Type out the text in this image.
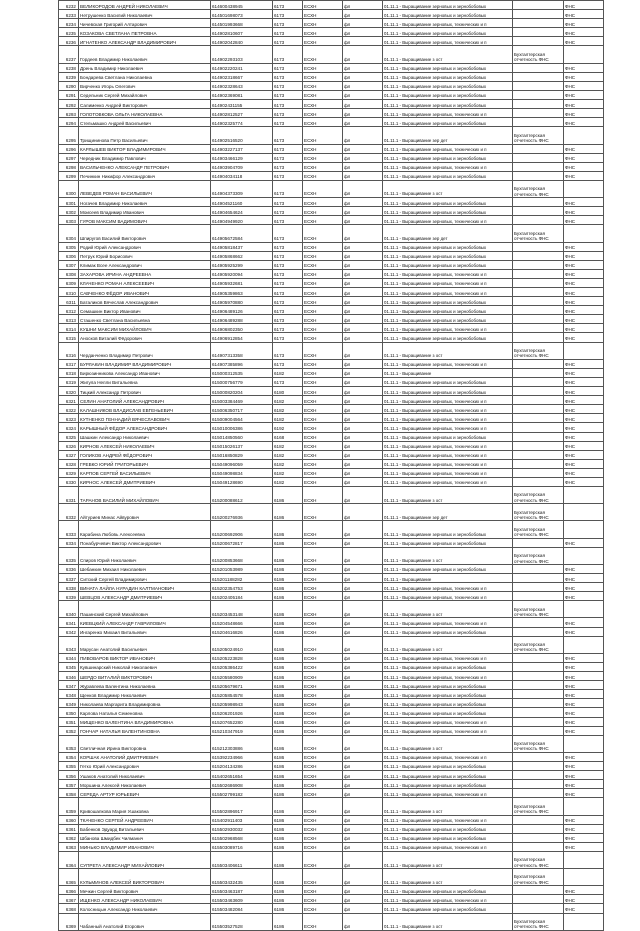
6232	ВЕЛИКОРОДОВ АНДРЕЙ НИКОЛАЕВИЧ	614600438945	6173	ЕСХН	фл	01.11.1 - Выращивание зерновых и зернобобовых		ФНС
6233	Нетрушенко Василий Николаевич	614501698073	6173	ЕСХН	фл	01.11.1 - Выращивание зерновых и зернобобовых		ФНС
6234	Чичевская Григорий Алтарович	614501993668	6173	ЕСХН	фл	01.11.1 - Выращивание зерновых, технических и п		ФНС
6235	КОЗАКОВА СВЕТЛАНА ПЕТРОВНА	614902810607	6173	ЕСХН	фл	01.11.1 - Выращивание зерновых и зернобобовых		ФНС
6236	ИГНАТЕНКО АЛЕКСАНДР ВЛАДИМИРОВИЧ	614902042840	6173	ЕСХН	фл	01.11.1 - Выращивание зерновых, технических и п		ФНС
6237	Гордеев Владимир Николаевич	614902293103	6173	ЕСХН	фл	01.11.1 - Выращивание з ост	Бухгалтерская отчетность ФНС	
6238	Дрень Владимир Николаевич	614902220241	6173	ЕСХН	фл	01.11.1 - Выращивание зерновых и зернобобовых		ФНС
6239	Бондарева Светлана Николаевна	614902318667	6173	ЕСХН	фл	01.11.1 - Выращивание зерновых и зернобобовых		ФНС
6290	Вирченко Игорь Олегович	614902328643	6173	ЕСХН	фл	01.11.1 - Выращивание зерновых и зернобобовых		ФНС
6291	Седельник Сергей Михайлович	614902369081	6173	ЕСХН	фл	01.11.1 - Выращивание зерновых и зернобобовых		ФНС
6292	Салименко Андрей Викторович	614902431155	6173	ЕСХН	фл	01.11.1 - Выращивание зерновых и зернобобовых		ФНС
6293	ГОЛОТОВКОВА ОЛЬГА НИКОЛАЕВНА	614902812527	6173	ЕСХН	фл	01.11.1 - Выращивание зерновых, технических и п		ФНС
6294	Стельмашко Андрей Васильевич	614902325774	6173	ЕСХН	фл	01.11.1 - Выращивание зерновых и зернобобовых		ФНС
6295	Трищининова Петр Васильевич	614902516520	6173	ЕСХН	фл	01.11.1 - Выращивание зер дет	Бухгалтерская отчетность ФНС	
6296	КАРЛЫШЕВ ВИКТОР ВЛАДИМИРОВИЧ	614903227137	6173	ЕСХН	фл	01.11.1 - Выращивание зерновых, технических и п		ФНС
6297	Чередник Владимир Павлович	614903466129	6173	ЕСХН	фл	01.11.1 - Выращивание зерновых и зернобобовых		ФНС
6298	ВАСИЛЬЧЕНКО АЛЕКСАНДР ПЕТРОВИЧ	614903904709	6173	ЕСХН	фл	01.11.1 - Выращивание зерновых, технических и п		ФНС
6299	Печинкин Никифор Александрович	614904034118	6173	ЕСХН	фл	01.11.1 - Выращивание зерновых и зернобобовых		ФНС
6300	ЛЕВЕДЕВ РОМАН ВАСИЛЬЕВИЧ	614904373309	6173	ЕСХН	фл	01.11.1 - Выращивание з ост	Бухгалтерская отчетность ФНС	
6301	Ногачев Владимир Николаевич	614904521160	6173	ЕСХН	фл	01.11.1 - Выращивание зерновых и зернобобовых		ФНС
6302	Моисеев Владимир Иванович	614904654624	6173	ЕСХН	фл	01.11.1 - Выращивание зерновых и зернобобовых		ФНС
6303	ГУРОВ МАКСИМ ВАДИМОВИЧ	614904949920	6173	ЕСХН	фл	01.11.1 - Выращивание зерновых, технических и п		ФНС
6304	Шпиругов Василий Викторович	614905672584	6173	ЕСХН	фл	01.11.1 - Выращивание зер дет	Бухгалтерская отчетность ФНС	
6305	Родий Юрий Александрович	614905818437	6173	ЕСХН	фл	01.11.1 - Выращивание зерновых и зернобобовых		ФНС
6306	Петрук Юрий Борисович	614905868662	6173	ЕСХН	фл	01.11.1 - Выращивание зерновых и зернобобовых		ФНС
6307	Климак Всее Александрович	614905925299	6173	ЕСХН	фл	01.11.1 - Выращивание зерновых и зернобобовых		ФНС
6308	ЗАХАРОВА ИРИНА АНДРЕЕВНА	614905920094	6173	ЕСХН	фл	01.11.1 - Выращивание зерновых, технических и п		ФНС
6309	КЛАЧЕНКО РОМАН АЛЕКСЕЕВИЧ	614905932681	6173	ЕСХН	фл	01.11.1 - Выращивание зерновых, технических и п		ФНС
6310	САВЧЕНКО ФЁДОР ИВАНОВИЧ	614905359863	6173	ЕСХН	фл	01.11.1 - Выращивание зерновых, технических и п		ФНС
6311	Баталиков Вячеслав Александрович	614905970880	6173	ЕСХН	фл	01.11.1 - Выращивание зерновых и зернобобовых		ФНС
6312	Семашкин Виктор Иванович	614906489126	6173	ЕСХН	фл	01.11.1 - Выращивание зерновых и зернобобовых		ФНС
6313	Сташенко Светлана Васильевна	614906489288	6173	ЕСХН	фл	01.11.1 - Выращивание зерновых и зернобобовых		ФНС
6314	КУШНИ МАКСИМ МИХАЙЛОВИЧ	614906802350	6173	ЕСХН	фл	01.11.1 - Выращивание зерновых, технических и п		ФНС
6315	Аносков Виталий Фёдорович	614906912854	6173	ЕСХН	фл	01.11.1 - Выращивание зерновых и зернобобовых		ФНС
6316	Черданченко Владимир Петрович	614907313358	6173	ЕСХН	фл	01.11.1 - Выращивание з ост	Бухгалтерская отчетность ФНС	
6317	БУРЛАКИН ВЛАДИМИР ВЛАДИМИРОВИЧ	614907385896	6173	ЕСХН	фл	01.11.1 - Выращивание зерновых, технических и п		ФНС
6318	Бирюзинникова Александр Иванович	615000312535	6182	ЕСХН	фл	01.11.1 - Выращивание		ФНС
6319	Жигула Нелли Витальевна	615000756779	6173	ЕСХН	фл	01.11.1 - Выращивание зерновых и зернобобовых		ФНС
6320	Тицкий Александр Петрович	615000820204	6180	ЕСХН	фл	01.11.1 - Выращивание зерновых и зернобобовых		ФНС
6321	СЕЛИН АНАТОЛИЙ АЛЕКСАНДРОВИЧ	615003384469	6182	ЕСХН	фл	01.11.1 - Выращивание зерновых, технических и п		ФНС
6322	КАЛАШНИКОВ ВЛАДИСЛАВ ЕВГЕНЬЕВИЧ	615006350717	6182	ЕСХН	фл	01.11.1 - Выращивание зерновых, технических и п		ФНС
6323	КУТНЕНКО ГЕННАДИЙ ВЯЧЕСЛАВОВИЧ	615009004564	6182	ЕСХН	фл	01.11.1 - Выращивание зерновых, технических и п		ФНС
6324	КАРЫШНЫЙ ФЁДОР АЛЕКСАНДРОВИЧ	615010006386	6192	ЕСХН	фл	01.11.1 - Выращивание зерновых, технических и п		ФНС
6325	Шашкин Александр Николаевич	615014850560	6168	ЕСХН	фл	01.11.1 - Выращивание зерновых и зернобобовых		ФНС
6326	КИРНОВ АЛЕКСЕЙ НИКОЛАЕВИЧ	615015026137	6182	ЕСХН	фл	01.11.1 - Выращивание зерновых, технических и п		ФНС
6327	ГОЛИКОВ АНДРЕЙ ФЁДОРОВИЧ	615016850829	6182	ЕСХН	фл	01.11.1 - Выращивание зерновых, технических и п		ФНС
6328	ГРЕВКО ЮРИЙ ГРИГОРЬЕВИЧ	615049096059	6182	ЕСХН	фл	01.11.1 - Выращивание зерновых, технических и п		ФНС
6329	КАРПОВ СЕРГЕЙ ВАСИЛЬЕВИЧ	615049098834	6182	ЕСХН	фл	01.11.1 - Выращивание зерновых, технических и п		ФНС
6330	КИРНОС АЛЕКСЕЙ ДМИТРИЕВИЧ	615049128690	6182	ЕСХН	фл	01.11.1 - Выращивание зерновых, технических и п		ФНС
6331	ТАРАНОВ ВАСИЛИЙ МИХАЙЛОВИЧ	615200088612	6186	ЕСХН	фл	01.11.1 - Выращивание з ост	Бухгалтерская отчетность ФНС	
6332	Айтуриев Минас Айвурович	615200276936	6186	ЕСХН	фл	01.11.1 - Выращивание зер дет	Бухгалтерская отчетность ФНС	
6333	Карабина Любовь Алексеевна	615200692906	6186	ЕСХН	фл	01.11.1 - Выращивание зерновых и зернобобовых	Бухгалтерская отчетность ФНС	
6334	Понабурчевич Виктор Александрович	615200672817	6186	ЕСХН	фл	01.11.1 - Выращивание зерновых и зернобобовых		ФНС
6335	Спиров Юрий Николаевич	615200853668	6186	ЕСХН	фл	01.11.1 - Выращивание з ост	Бухгалтерская отчетность ФНС	
6336	Шебанкин Михаил Николаевич	615201053989	6186	ЕСХН	фл	01.11.1 - Выращивание зерновых и зернобобовых		ФНС
6337	Ситский Сергей Владимирович	615201188282	6186	ЕСХН	фл	01.11.1 - Выращивание		ФНС
6338	ВИНАТА ЛАЙЛА НУРАДИН КАЛТМАНОВИЧ	615202354753	6186	ЕСХН	фл	01.11.1 - Выращивание зерновых, технических и п		ФНС
6339	ШЕВЦОВ АЛЕКСАНДР ДМИТРИЕВИЧ	615202405184	6186	ЕСХН	фл	01.11.1 - Выращивание зерновых, технических и п		ФНС
6340	Пашинский Сергей Михайлович	615203453148	6186	ЕСХН	фл	01.11.1 - Выращивание з ост	Бухгалтерская отчетность ФНС	
6341	КИЕВЦКИЙ АЛЕКСАНДР ГАВРИЛОВИЧ	615204548666	6186	ЕСХН	фл	01.11.1 - Выращивание зерновых, технических и п		ФНС
6342	Ингаренко Михаил Витальевич	615204616826	6186	ЕСХН	фл	01.11.1 - Выращивание зерновых и зернобобовых		ФНС
6343	Марусан Анатолий Васильевич	615205024910	6186	ЕСХН	фл	01.11.1 - Выращивание з ост	Бухгалтерская отчетность ФНС	
6344	ПИВОВАРОВ ВИКТОР ИВАНОВИЧ	615205223828	6186	ЕСХН	фл	01.11.1 - Выращивание зерновых, технических и п		ФНС
6345	Кувшинарский Николай Николаевич	615205386422	6186	ЕСХН	фл	01.11.1 - Выращивание зерновых и зернобобовых		ФНС
6346	ШЕРДО ВИТАЛИЙ ВИКТОРОВИЧ	615205580909	6186	ЕСХН	фл	01.11.1 - Выращивание зерновых, технических и п		ФНС
6347	Журавлева Валентина Николаевна	615205679671	6186	ЕСХН	фл	01.11.1 - Выращивание зерновых и зернобобовых		ФНС
6348	Щенков Владимир Николаевич	615205854578	6186	ЕСХН	фл	01.11.1 - Выращивание зерновых и зернобобовых		ФНС
6349	Николаева Маргарита Владимировна	615205998943	6186	ЕСХН	фл	01.11.1 - Выращивание зерновых и зернобобовых		ФНС
6350	Карлова Наталья Семеновна	615206201926	6186	ЕСХН	фл	01.11.1 - Выращивание зерновых и зернобобовых		ФНС
6351	МИЩЕНКО ВАЛЕНТИНА ВЛАДИМИРОВНА	615207652280	6186	ЕСХН	фл	01.11.1 - Выращивание зерновых, технических и п		ФНС
6352	ГОНЧАР НАТАЛЬЯ ВАЛЕНТИНОВНА	615210347919	6186	ЕСХН	фл	01.11.1 - Выращивание зерновых, технических и п		ФНС
6353	Светличная Ирина Викторовна	615212303886	6186	ЕСХН	фл	01.11.1 - Выращивание з ост	Бухгалтерская отчетность ФНС	
6354	КОРШАК АНАТОЛИЙ ДМИТРИЕВИЧ	615392234966	6186	ЕСХН	фл	01.11.1 - Выращивание зерновых, технических и п		ФНС
6355	Гетко Юрий Александрович	615204134286	6186	ЕСХН	фл	01.11.1 - Выращивание зерновых и зернобобовых		ФНС
6356	Ушаков Анатолий Николаевич	615402651654	6186	ЕСХН	фл	01.11.1 - Выращивание зерновых и зернобобовых		ФНС
6357	Моршина Алексей Николаевич	615502686908	6186	ЕСХН	фл	01.11.1 - Выращивание зерновых и зернобобовых		ФНС
6358	СЕРЕДА АРТУР ЮРЬЕВИЧ	615502799182	6186	ЕСХН	фл	01.11.1 - Выращивание зерновых, технических и п		ФНС
6359	Кривошапкова Мария Ушаковна	615502896917	6186	ЕСХН	фл	01.11.1 - Выращивание з ост	Бухгалтерская отчетность ФНС	
6360	ТКАЧЕНКО СЕРГЕЙ АНДРЕЕВИЧ	615402911403	6186	ЕСХН	фл	01.11.1 - Выращивание зерновых, технических и п		ФНС
6361	Бабенков Эдуард Витальевич	615502930032	6186	ЕСХН	фл	01.11.1 - Выращивание зерновых и зернобобовых		ФНС
6362	Шбанова Шмидбек Чилманич	615502968568	6186	ЕСХН	фл	01.11.1 - Выращивание зерновых и зернобобовых		ФНС
6363	МИНЬКО ВЛАДИМИР ИВАНОВИЧ	615503089716	6186	ЕСХН	фл	01.11.1 - Выращивание зерновых, технических и п		ФНС
6364	СУПРЕТА АЛЕКСАНДР МИХАЙЛОВИЧ	615503406611	6186	ЕСХН	фл	01.11.1 - Выращивание з ост	Бухгалтерская отчетность ФНС	
6365	КУЛЬМИНОВ АЛЕКСЕЙ ВИКТОРОВИЧ	615503432435	6186	ЕСХН	фл	01.11.1 - Выращивание з ост	Бухгалтерская отчетность ФНС	
6366	Мечкин Сергей Викторович	615503463187	6186	ЕСХН	фл	01.11.1 - Выращивание зерновых и зернобобовых		ФНС
6367	ИЩЕНКО АЛЕКСАНДР НИКОЛАЕВИЧ	615503463609	6186	ЕСХН	фл	01.11.1 - Выращивание зерновых, технических и п		ФНС
6368	Колосницын Александр Николаевич	615503482084	6186	ЕСХН	фл	01.11.1 - Выращивание зерновых и зернобобовых		ФНС
6369	Чабанный Анатолий Егорович	615503527528	6186	ЕСХН	фл	01.11.1 - Выращивание з ост	Бухгалтерская отчетность ФНС	
